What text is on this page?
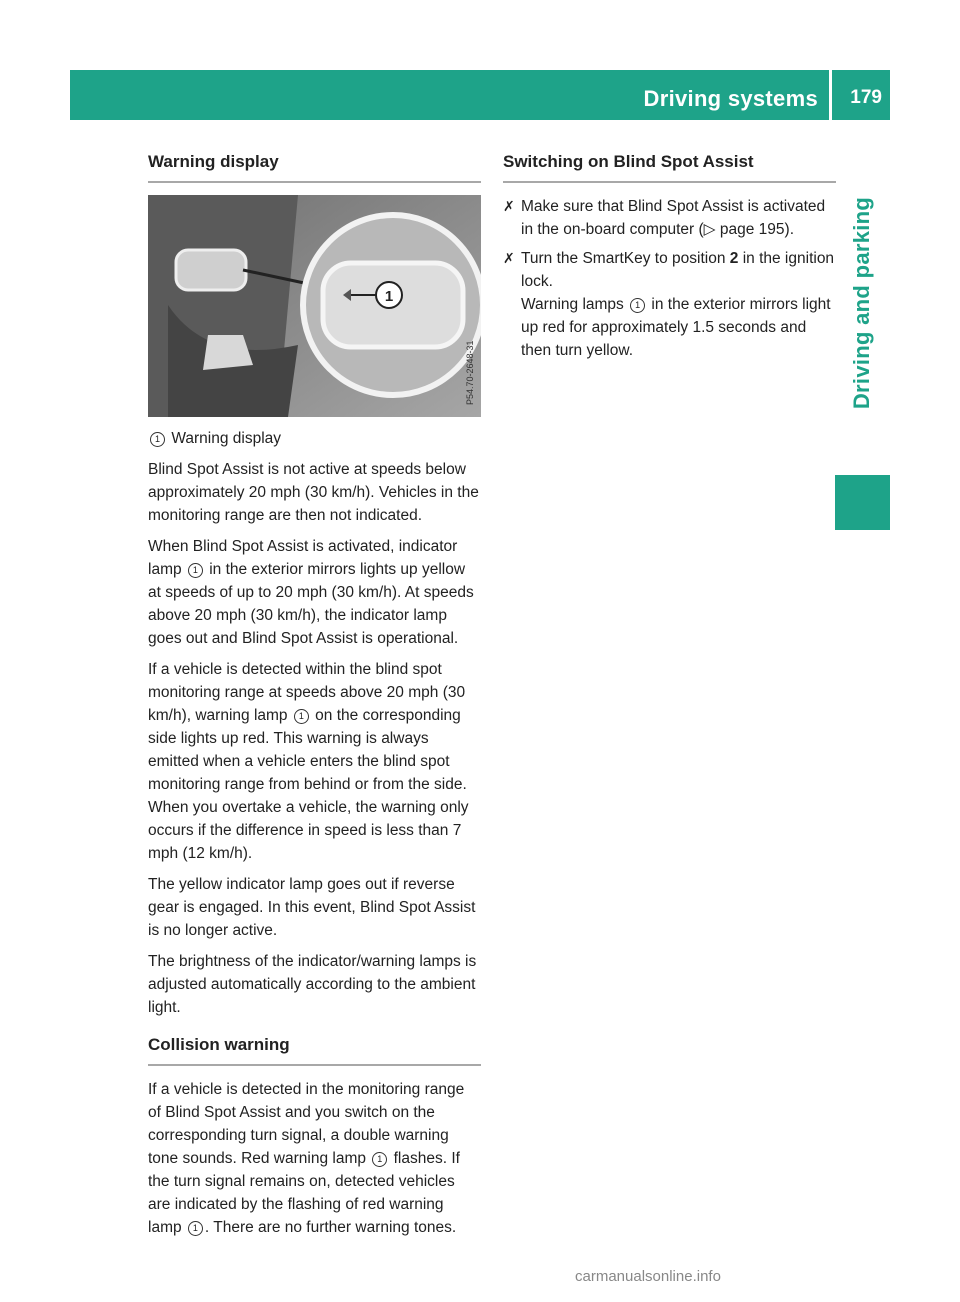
Driving systems 179
Driving and parking
Warning display
1
P54.70-2648-31
1 Warning display

Blind Spot Assist is not active at speeds below approximately 20 mph (30 km/h). Vehicles in the monitoring range are then not indicated.

When Blind Spot Assist is activated, indicator lamp 1 in the exterior mirrors lights up yellow at speeds of up to 20 mph (30 km/h). At speeds above 20 mph (30 km/h), the indicator lamp goes out and Blind Spot Assist is operational.

If a vehicle is detected within the blind spot monitoring range at speeds above 20 mph (30 km/h), warning lamp 1 on the corresponding side lights up red. This warning is always emitted when a vehicle enters the blind spot monitoring range from behind or from the side. When you overtake a vehicle, the warning only occurs if the difference in speed is less than 7 mph (12 km/h).

The yellow indicator lamp goes out if reverse gear is engaged. In this event, Blind Spot Assist is no longer active.

The brightness of the indicator/warning lamps is adjusted automatically according to the ambient light.

Collision warning

If a vehicle is detected in the monitoring range of Blind Spot Assist and you switch on the corresponding turn signal, a double warning tone sounds. Red warning lamp 1 flashes. If the turn signal remains on, detected vehicles are indicated by the flashing of red warning lamp 1 . There are no further warning tones.

Switching on Blind Spot Assist
✗ Make sure that Blind Spot Assist is activated in the on-board computer (▷ page 195).
✗ Turn the SmartKey to position 2 in the ignition lock.
Warning lamps 1 in the exterior mirrors light up red for approximately 1.5 seconds and then turn yellow.
carmanualsonline.info
